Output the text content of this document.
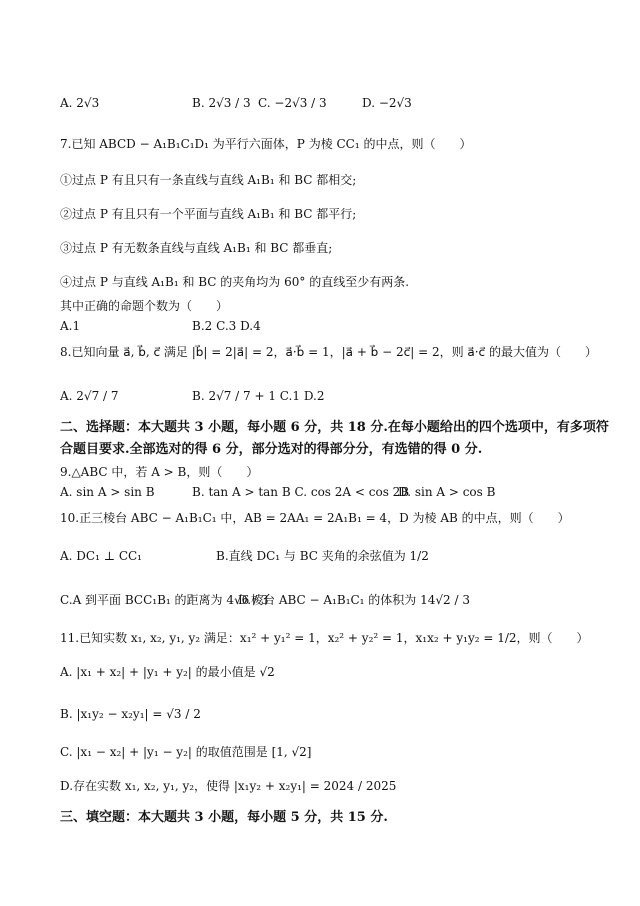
A. 2√3	B. 2√3 / 3 C. −2√3 / 3	D. −2√3
7.已知 ABCD − A₁B₁C₁D₁ 为平行六面体，P 为棱 CC₁ 的中点，则（　　）
①过点 P 有且只有一条直线与直线 A₁B₁ 和 BC 都相交;
②过点 P 有且只有一个平面与直线 A₁B₁ 和 BC 都平行;
③过点 P 有无数条直线与直线 A₁B₁ 和 BC 都垂直;
④过点 P 与直线 A₁B₁ 和 BC 的夹角均为 60° 的直线至少有两条.
其中正确的命题个数为（　　）
A.1	B.2 C.3 D.4
8.已知向量 a⃗, b⃗, c⃗ 满足 |b⃗| = 2|a⃗| = 2，a⃗·b⃗ = 1，|a⃗ + b⃗ − 2c⃗| = 2，则 a⃗·c⃗ 的最大值为（　　）
A. 2√7 / 7	B. 2√7 / 7 + 1 C.1 D.2
二、选择题：本大题共 3 小题，每小题 6 分，共 18 分.在每小题给出的四个选项中，有多项符
合题目要求.全部选对的得 6 分，部分选对的得部分分，有选错的得 0 分.
9.△ABC 中，若 A > B，则（　　）
A. sin A > sin B	B. tan A > tan B C. cos 2A < cos 2B
D. sin A > cos B
10.正三棱台 ABC − A₁B₁C₁ 中，AB = 2AA₁ = 2A₁B₁ = 4，D 为棱 AB 的中点，则（　　）
A. DC₁ ⊥ CC₁	B.直线 DC₁ 与 BC 夹角的余弦值为 1/2
C.A 到平面 BCC₁B₁ 的距离为 4√6 / 3
D.棱台 ABC − A₁B₁C₁ 的体积为 14√2 / 3
11.已知实数 x₁, x₂, y₁, y₂ 满足：x₁² + y₁² = 1，x₂² + y₂² = 1，x₁x₂ + y₁y₂ = 1/2，则（　　）
A. |x₁ + x₂| + |y₁ + y₂| 的最小值是 √2
B. |x₁y₂ − x₂y₁| = √3 / 2
C. |x₁ − x₂| + |y₁ − y₂| 的取值范围是 [1, √2]
D.存在实数 x₁, x₂, y₁, y₂，使得 |x₁y₂ + x₂y₁| = 2024 / 2025
三、填空题：本大题共 3 小题，每小题 5 分，共 15 分.
